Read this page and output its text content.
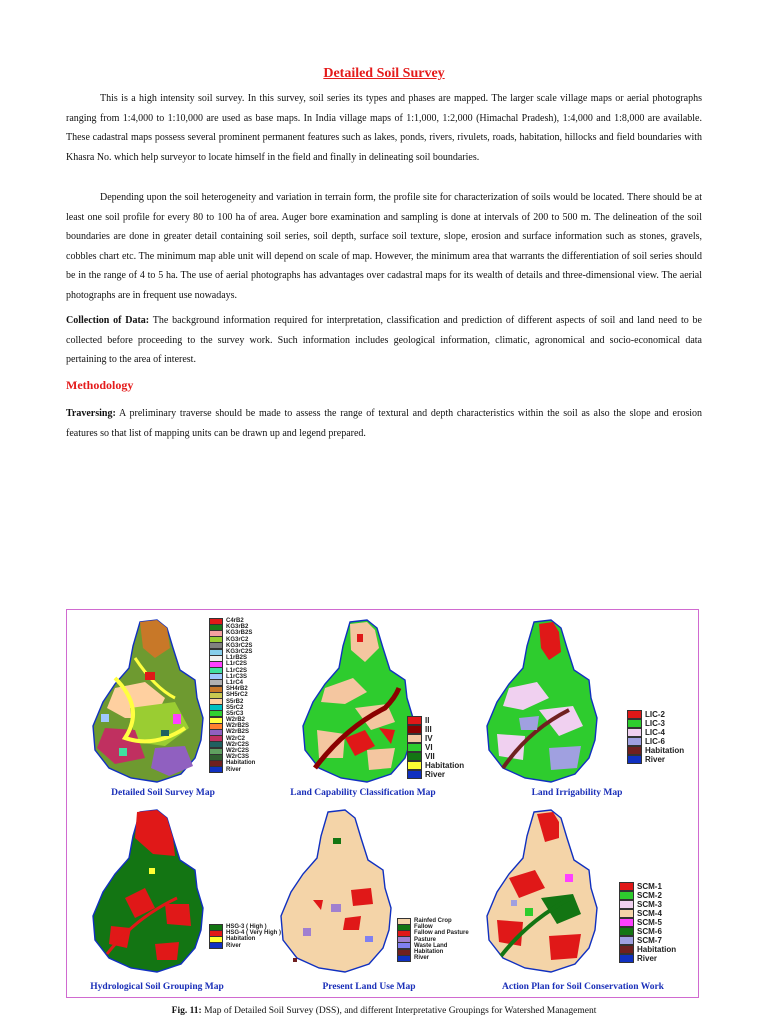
Detailed Soil Survey

This is a high intensity soil survey. In this survey, soil series its types and phases are mapped. The larger scale village maps or aerial photographs ranging from 1:4,000 to 1:10,000 are used as base maps. In India village maps of 1:1,000, 1:2,000 (Himachal Pradesh), 1:4,000 and 1:8,000 are available. These cadastral maps possess several prominent permanent features such as lakes, ponds, rivers, rivulets, roads, habitation, hillocks and field boundaries with Khasra No. which help surveyor to locate himself in the field and finally in delineating soil boundaries.

Depending upon the soil heterogeneity and variation in terrain form, the profile site for characterization of soils would be located. There should be at least one soil profile for every 80 to 100 ha of area. Auger bore examination and sampling is done at intervals of 200 to 500 m. The delineation of the soil boundaries are done in greater detail containing soil series, soil depth, surface soil texture, slope, erosion and surface information such as stones, gravels, cobbles chart etc. The minimum map able unit will depend on scale of map. However, the minimum area that warrants the differentiation of soil series should be in the range of 4 to 5 ha. The use of aerial photographs has advantages over cadastral maps for its wealth of details and three-dimensional view. The aerial photographs are in frequent use nowadays.

Collection of Data: The background information required for interpretation, classification and prediction of different aspects of soil and land need to be collected before proceeding to the survey work. Such information includes geological information, climatic, agronomical and socio-economical data pertaining to the area of interest.

Methodology

Traversing: A preliminary traverse should be made to assess the range of textural and depth characteristics within the soil as also the slope and erosion features so that list of mapping units can be drawn up and legend prepared.

C4rB2
KG3rB2
KG3rB2S
KG3rC2
KG3rC2S
KG3rC2S
L1rB2S
L1rC2S
L1rC2S
L1rC3S
L1rC4
SH4rB2
SH5rC2
S5rB2
S5rC2
S5rC3
W2rB2
W2rB2S
W2rB2S
W2rC2
W2rC2S
W2rC2S
W2rC3S
Habitation
River
II
III
IV
VI
VII
Habitation
River
LIC-2
LIC-3
LIC-4
LIC-6
Habitation
River
Detailed Soil Survey Map	Land Capability Classification Map	Land Irrigability Map
HSG-3 ( High )
HSG-4 ( Very High )
Habitation
River
Rainfed Crop
Fallow
Fallow and Pasture
Pasture
Waste Land
Habitation
River
SCM-1
SCM-2
SCM-3
SCM-4
SCM-5
SCM-6
SCM-7
Habitation
River
Hydrological Soil Grouping Map	Present Land Use Map	Action Plan for Soil Conservation Work
Fig. 11: Map of Detailed Soil Survey (DSS), and different Interpretative Groupings for Watershed Management
